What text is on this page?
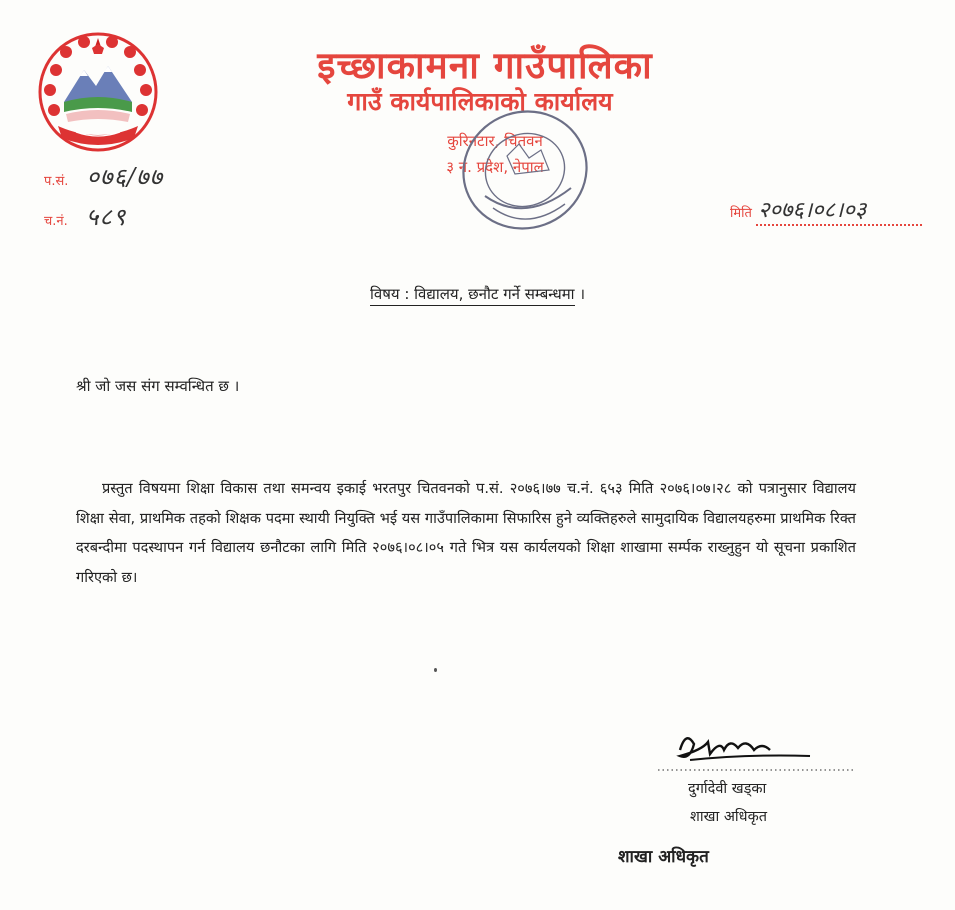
इच्छाकामना गाउँपालिका
गाउँ कार्यपालिकाको कार्यालय
कुरिनटार, चितवन
३ नं. प्रदेश, नेपाल
प.सं. ०७६/७७
च.नं. ५८९	मिति २०७६।०८।०३
विषय : विद्यालय, छनौट गर्ने सम्बन्धमा ।
श्री जो जस संग सम्वन्धित छ ।
प्रस्तुत विषयमा शिक्षा विकास तथा समन्वय इकाई भरतपुर चितवनको प.सं. २०७६।७७ च.नं. ६५३ मिति २०७६।०७।२८ को पत्रानुसार विद्यालय शिक्षा सेवा, प्राथमिक तहको शिक्षक पदमा स्थायी नियुक्ति भई यस गाउँपालिकामा सिफारिस हुने व्यक्तिहरुले सामुदायिक विद्यालयहरुमा प्राथमिक रिक्त दरबन्दीमा पदस्थापन गर्न विद्यालय छनौटका लागि मिति २०७६।०८।०५ गते भित्र यस कार्यलयको शिक्षा शाखामा सर्म्पक राख्नुहुन यो सूचना प्रकाशित गरिएको छ।
दुर्गादेवी खड्का
शाखा अधिकृत
शाखा अधिकृत
